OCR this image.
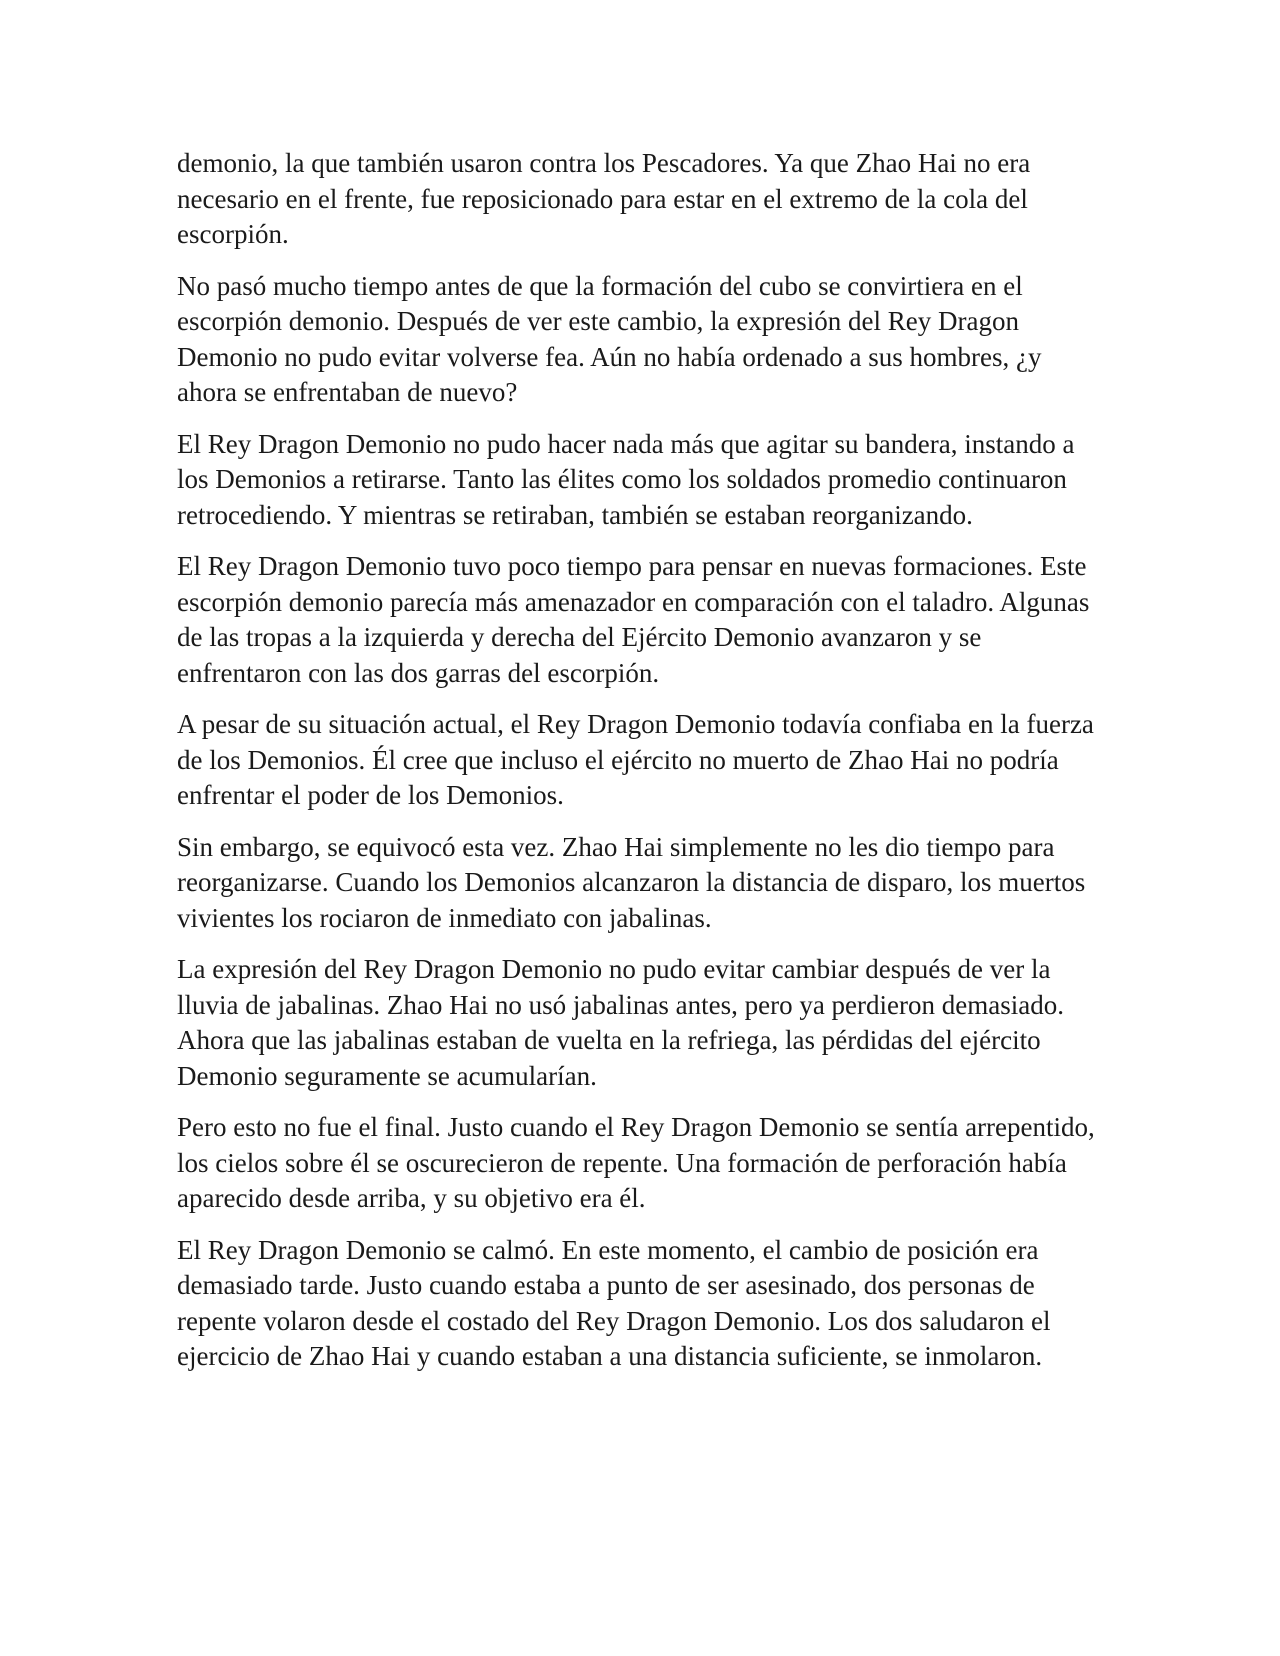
demonio, la que también usaron contra los Pescadores. Ya que Zhao Hai no era necesario en el frente, fue reposicionado para estar en el extremo de la cola del escorpión.

No pasó mucho tiempo antes de que la formación del cubo se convirtiera en el escorpión demonio. Después de ver este cambio, la expresión del Rey Dragon Demonio no pudo evitar volverse fea. Aún no había ordenado a sus hombres, ¿y ahora se enfrentaban de nuevo?

El Rey Dragon Demonio no pudo hacer nada más que agitar su bandera, instando a los Demonios a retirarse. Tanto las élites como los soldados promedio continuaron retrocediendo. Y mientras se retiraban, también se estaban reorganizando.

El Rey Dragon Demonio tuvo poco tiempo para pensar en nuevas formaciones. Este escorpión demonio parecía más amenazador en comparación con el taladro. Algunas de las tropas a la izquierda y derecha del Ejército Demonio avanzaron y se enfrentaron con las dos garras del escorpión.

A pesar de su situación actual, el Rey Dragon Demonio todavía confiaba en la fuerza de los Demonios. Él cree que incluso el ejército no muerto de Zhao Hai no podría enfrentar el poder de los Demonios.

Sin embargo, se equivocó esta vez. Zhao Hai simplemente no les dio tiempo para reorganizarse. Cuando los Demonios alcanzaron la distancia de disparo, los muertos vivientes los rociaron de inmediato con jabalinas.

La expresión del Rey Dragon Demonio no pudo evitar cambiar después de ver la lluvia de jabalinas. Zhao Hai no usó jabalinas antes, pero ya perdieron demasiado. Ahora que las jabalinas estaban de vuelta en la refriega, las pérdidas del ejército Demonio seguramente se acumularían.

Pero esto no fue el final. Justo cuando el Rey Dragon Demonio se sentía arrepentido, los cielos sobre él se oscurecieron de repente. Una formación de perforación había aparecido desde arriba, y su objetivo era él.

El Rey Dragon Demonio se calmó. En este momento, el cambio de posición era demasiado tarde. Justo cuando estaba a punto de ser asesinado, dos personas de repente volaron desde el costado del Rey Dragon Demonio. Los dos saludaron el ejercicio de Zhao Hai y cuando estaban a una distancia suficiente, se inmolaron.
